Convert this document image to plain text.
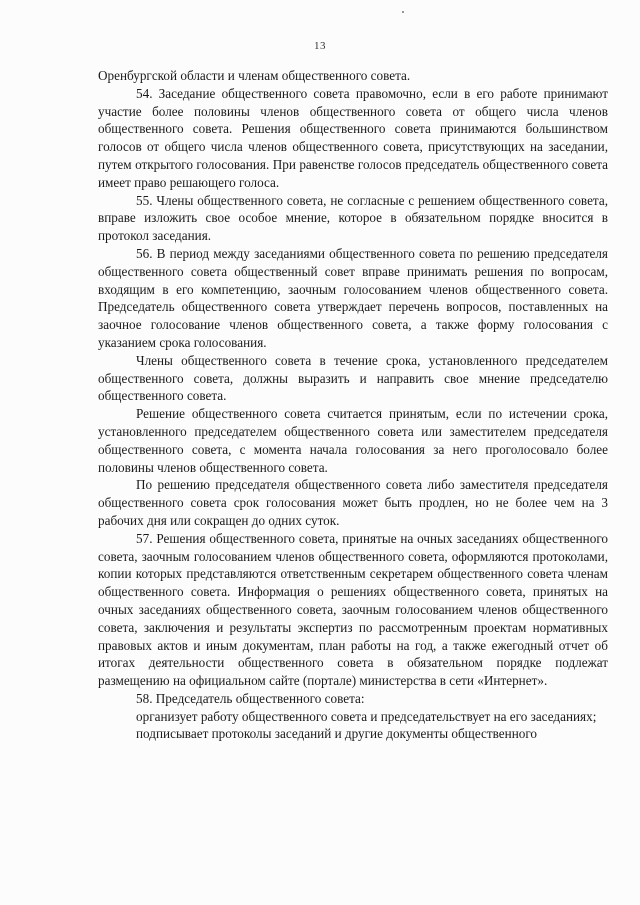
13

Оренбургской области и членам общественного совета.

54. Заседание общественного совета правомочно, если в его работе принимают участие более половины членов общественного совета от общего числа членов общественного совета. Решения общественного совета принимаются большинством голосов от общего числа членов общественного совета, присутствующих на заседании, путем открытого голосования. При равенстве голосов председатель общественного совета имеет право решающего голоса.

55. Члены общественного совета, не согласные с решением общественного совета, вправе изложить свое особое мнение, которое в обязательном порядке вносится в протокол заседания.

56. В период между заседаниями общественного совета по решению председателя общественного совета общественный совет вправе принимать решения по вопросам, входящим в его компетенцию, заочным голосованием членов общественного совета. Председатель общественного совета утверждает перечень вопросов, поставленных на заочное голосование членов общественного совета, а также форму голосования с указанием срока голосования.

Члены общественного совета в течение срока, установленного председателем общественного совета, должны выразить и направить свое мнение председателю общественного совета.

Решение общественного совета считается принятым, если по истечении срока, установленного председателем общественного совета или заместителем председателя общественного совета, с момента начала голосования за него проголосовало более половины членов общественного совета.

По решению председателя общественного совета либо заместителя председателя общественного совета срок голосования может быть продлен, но не более чем на 3 рабочих дня или сокращен до одних суток.

57. Решения общественного совета, принятые на очных заседаниях общественного совета, заочным голосованием членов общественного совета, оформляются протоколами, копии которых представляются ответственным секретарем общественного совета членам общественного совета. Информация о решениях общественного совета, принятых на очных заседаниях общественного совета, заочным голосованием членов общественного совета, заключения и результаты экспертиз по рассмотренным проектам нормативных правовых актов и иным документам, план работы на год, а также ежегодный отчет об итогах деятельности общественного совета в обязательном порядке подлежат размещению на официальном сайте (портале) министерства в сети «Интернет».

58. Председатель общественного совета:

организует работу общественного совета и председательствует на его заседаниях;

подписывает протоколы заседаний и другие документы общественного
